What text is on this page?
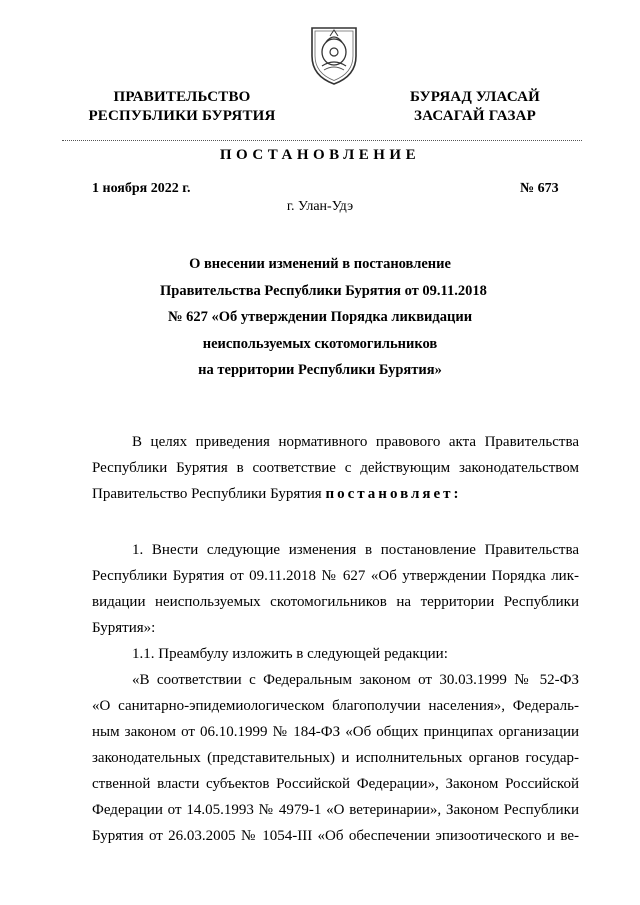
ПРАВИТЕЛЬСТВО
РЕСПУБЛИКИ БУРЯТИЯ
БУРЯАД УЛАСАЙ
ЗАСАГАЙ ГАЗАР
ПОСТАНОВЛЕНИЕ
1 ноября 2022 г.	№ 673
г. Улан-Удэ
О внесении изменений в постановление
Правительства Республики Бурятия от 09.11.2018
№ 627 «Об утверждении Порядка ликвидации
неиспользуемых скотомогильников
на территории Республики Бурятия»
В целях приведения нормативного правового акта Правительства
Республики Бурятия в соответствие с действующим законодательством
Правительство Республики Бурятия постановляет:
1. Внести следующие изменения в постановление Правительства
Республики Бурятия от 09.11.2018 № 627 «Об утверждении Порядка лик-
видации неиспользуемых скотомогильников на территории Республики
Бурятия»:
1.1. Преамбулу изложить в следующей редакции:
«В соответствии с Федеральным законом от 30.03.1999 № 52-ФЗ
«О санитарно-эпидемиологическом благополучии населения», Федераль-
ным законом от 06.10.1999 № 184-ФЗ «Об общих принципах организации
законодательных (представительных) и исполнительных органов государ-
ственной власти субъектов Российской Федерации», Законом Российской
Федерации от 14.05.1993 № 4979-1 «О ветеринарии», Законом Республики
Бурятия от 26.03.2005 № 1054-III «Об обеспечении эпизоотического и ве-
